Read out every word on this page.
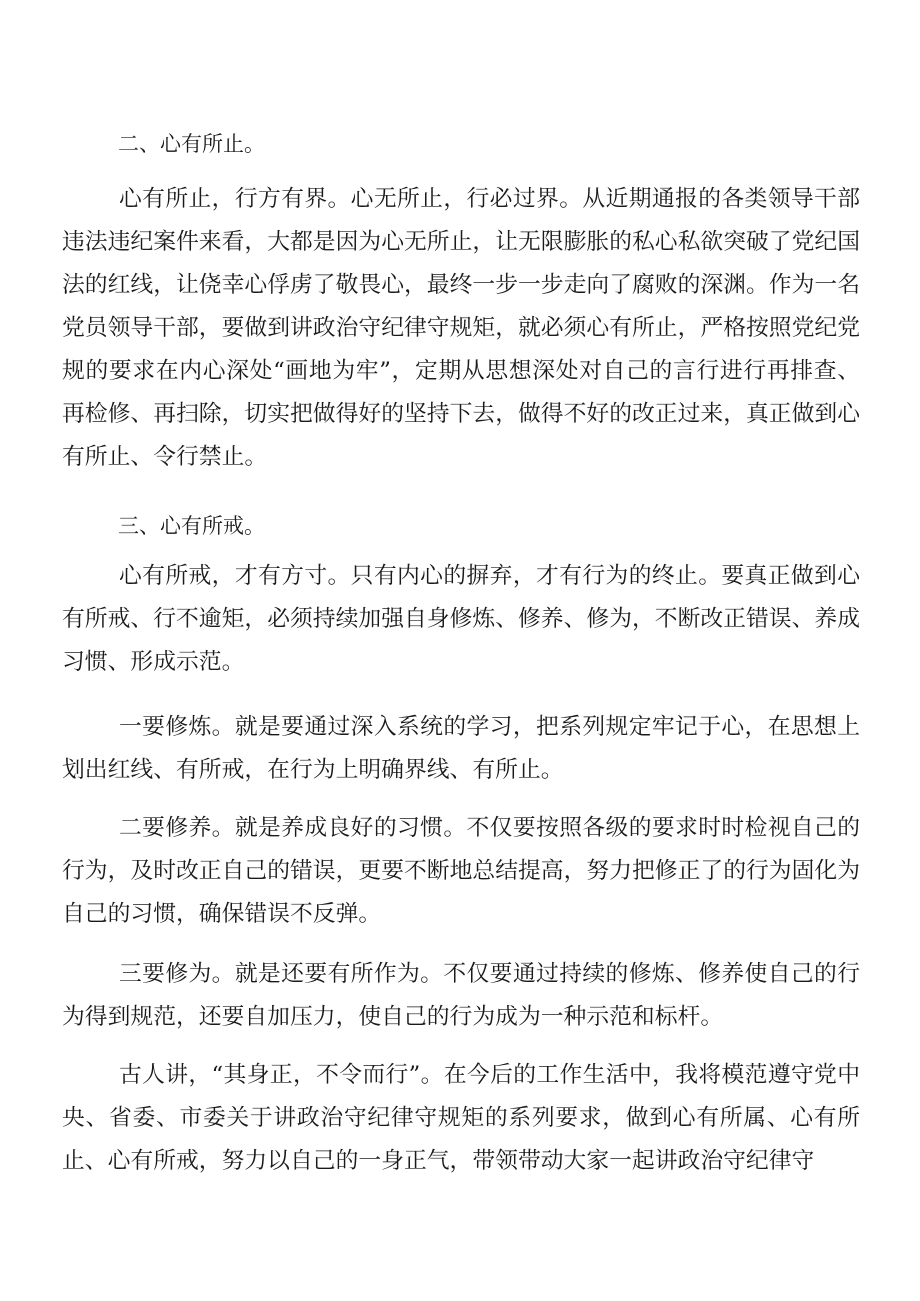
二、心有所止。

心有所止，行方有界。心无所止，行必过界。从近期通报的各类领导干部违法违纪案件来看，大都是因为心无所止，让无限膨胀的私心私欲突破了党纪国法的红线，让侥幸心俘虏了敬畏心，最终一步一步走向了腐败的深渊。作为一名党员领导干部，要做到讲政治守纪律守规矩，就必须心有所止，严格按照党纪党规的要求在内心深处“画地为牢”，定期从思想深处对自己的言行进行再排查、再检修、再扫除，切实把做得好的坚持下去，做得不好的改正过来，真正做到心有所止、令行禁止。

三、心有所戒。

心有所戒，才有方寸。只有内心的摒弃，才有行为的终止。要真正做到心有所戒、行不逾矩，必须持续加强自身修炼、修养、修为，不断改正错误、养成习惯、形成示范。

一要修炼。就是要通过深入系统的学习，把系列规定牢记于心，在思想上划出红线、有所戒，在行为上明确界线、有所止。

二要修养。就是养成良好的习惯。不仅要按照各级的要求时时检视自己的行为，及时改正自己的错误，更要不断地总结提高，努力把修正了的行为固化为自己的习惯，确保错误不反弹。

三要修为。就是还要有所作为。不仅要通过持续的修炼、修养使自己的行为得到规范，还要自加压力，使自己的行为成为一种示范和标杆。

古人讲，“其身正，不令而行”。在今后的工作生活中，我将模范遵守党中央、省委、市委关于讲政治守纪律守规矩的系列要求，做到心有所属、心有所止、心有所戒，努力以自己的一身正气，带领带动大家一起讲政治守纪律守
